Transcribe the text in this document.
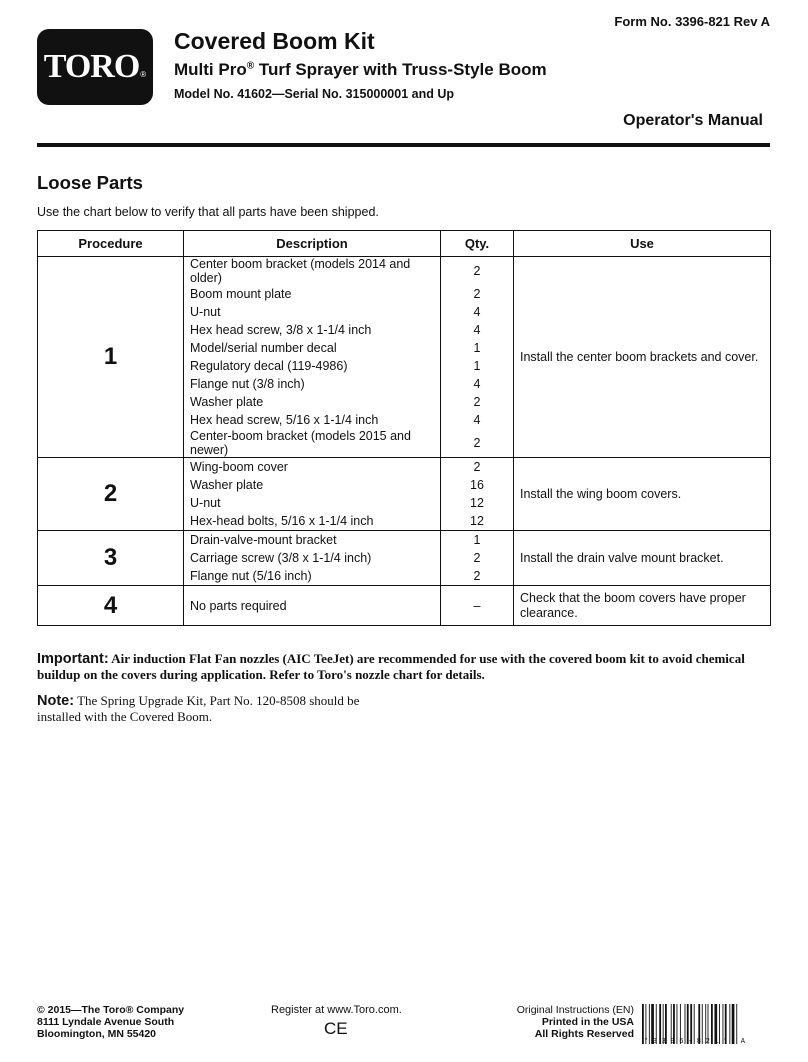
Form No. 3396-821 Rev A
TORO ®
Covered Boom Kit
Multi Pro® Turf Sprayer with Truss-Style Boom
Model No. 41602—Serial No. 315000001 and Up
Operator's Manual
Loose Parts
Use the chart below to verify that all parts have been shipped.
Procedure	Description	Qty.	Use
1	Center boom bracket (models 2014 and older)	2	Install the center boom brackets and cover.
	Boom mount plate	2	
	U-nut	4	
	Hex head screw, 3/8 x 1-1/4 inch	4	
	Model/serial number decal	1	
	Regulatory decal (119-4986)	1	
	Flange nut (3/8 inch)	4	
	Washer plate	2	
	Hex head screw, 5/16 x 1-1/4 inch	4	
	Center-boom bracket (models 2015 and newer)	2	
2	Wing-boom cover	2	Install the wing boom covers.
	Washer plate	16	
	U-nut	12	
	Hex-head bolts, 5/16 x 1-1/4 inch	12	
3	Drain-valve-mount bracket	1	Install the drain valve mount bracket.
	Carriage screw (3/8 x 1-1/4 inch)	2	
	Flange nut (5/16 inch)	2	
4	No parts required	–	Check that the boom covers have proper clearance.
Important: Air induction Flat Fan nozzles (AIC TeeJet) are recommended for use with the covered boom kit to avoid chemical buildup on the covers during application. Refer to Toro's nozzle chart for details.
Note: The Spring Upgrade Kit, Part No. 120-8508 should be installed with the Covered Boom.
© 2015—The Toro® Company
8111 Lyndale Avenue South
Bloomington, MN 55420
Register at www.Toro.com.
CE
Original Instructions (EN)
Printed in the USA
All Rights Reserved
*3396-821* A
